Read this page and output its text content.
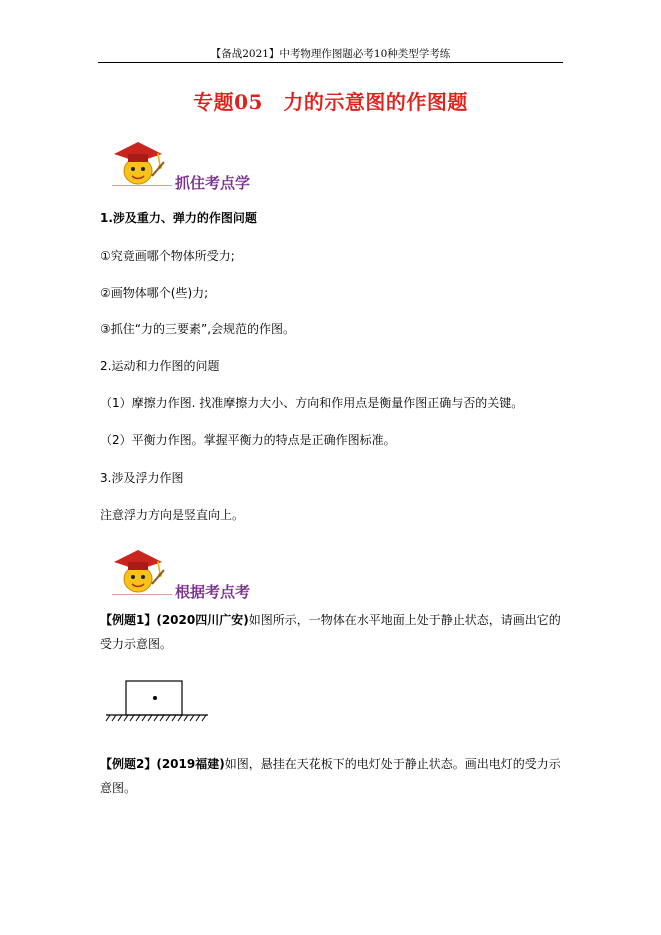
【备战2021】中考物理作图题必考10种类型学考练
专题05　力的示意图的作图题
抓住考点学
1.涉及重力、弹力的作图问题
①究竟画哪个物体所受力;
②画物体哪个(些)力;
③抓住“力的三要素”,会规范的作图。
2.运动和力作图的问题
（1）摩擦力作图. 找准摩擦力大小、方向和作用点是衡量作图正确与否的关键。
（2）平衡力作图。掌握平衡力的特点是正确作图标准。
3.涉及浮力作图
注意浮力方向是竖直向上。
根据考点考
【例题1】(2020四川广安)如图所示，一物体在水平地面上处于静止状态，请画出它的受力示意图。
【例题2】(2019福建)如图，悬挂在天花板下的电灯处于静止状态。画出电灯的受力示意图。
